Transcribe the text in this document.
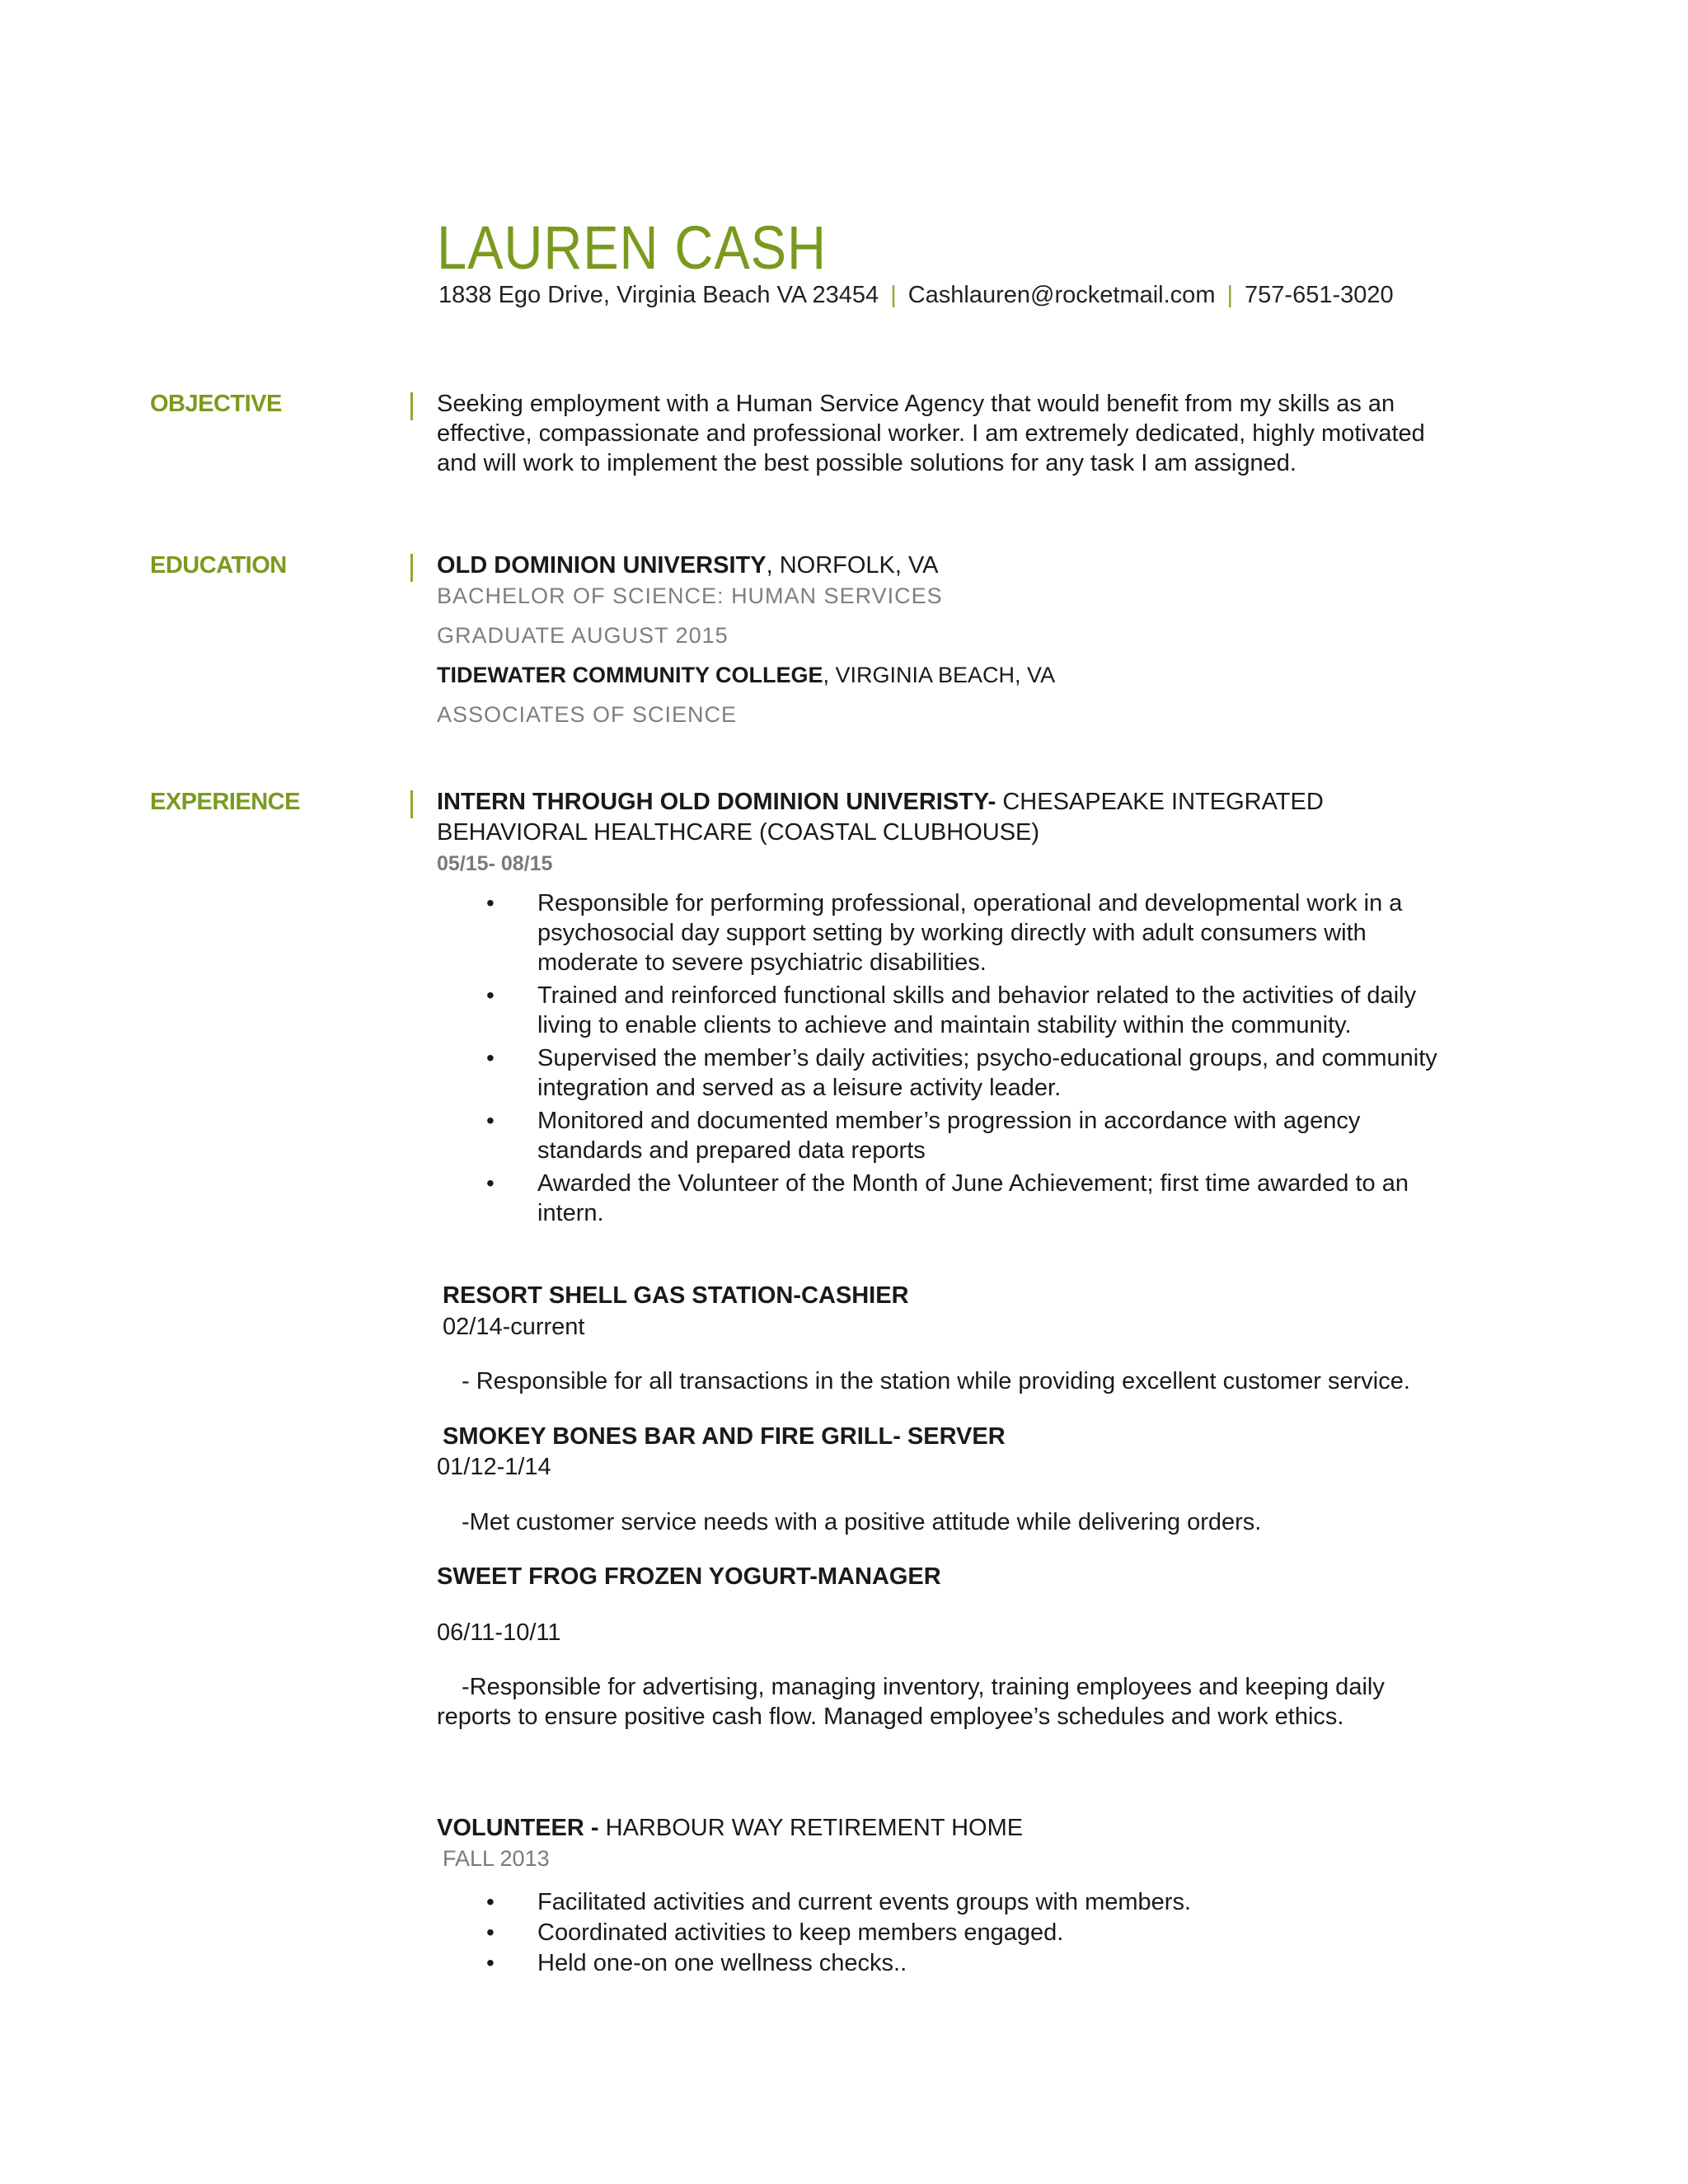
LAUREN CASH
1838 Ego Drive, Virginia Beach VA 23454 | Cashlauren@rocketmail.com | 757-651-3020
OBJECTIVE	Seeking employment with a Human Service Agency that would benefit from my skills as an effective, compassionate and professional worker. I am extremely dedicated, highly motivated and will work to implement the best possible solutions for any task I am assigned.

EDUCATION	OLD DOMINION UNIVERSITY, NORFOLK, VA
BACHELOR OF SCIENCE: HUMAN SERVICES
GRADUATE AUGUST 2015
TIDEWATER COMMUNITY COLLEGE, VIRGINIA BEACH, VA
ASSOCIATES OF SCIENCE
EXPERIENCE	INTERN THROUGH OLD DOMINION UNIVERISTY- CHESAPEAKE INTEGRATED
BEHAVIORAL HEALTHCARE (COASTAL CLUBHOUSE)
05/15- 08/15
• Responsible for performing professional, operational and developmental work in a psychosocial day support setting by working directly with adult consumers with moderate to severe psychiatric disabilities.
• Trained and reinforced functional skills and behavior related to the activities of daily living to enable clients to achieve and maintain stability within the community.
• Supervised the member’s daily activities; psycho-educational groups, and community integration and served as a leisure activity leader.
• Monitored and documented member’s progression in accordance with agency standards and prepared data reports
• Awarded the Volunteer of the Month of June Achievement; first time awarded to an intern.
RESORT SHELL GAS STATION-CASHIER
02/14-current
- Responsible for all transactions in the station while providing excellent customer service.
SMOKEY BONES BAR AND FIRE GRILL- SERVER
01/12-1/14
-Met customer service needs with a positive attitude while delivering orders.
SWEET FROG FROZEN YOGURT-MANAGER
06/11-10/11
-Responsible for advertising, managing inventory, training employees and keeping daily
reports to ensure positive cash flow. Managed employee’s schedules and work ethics.
VOLUNTEER - HARBOUR WAY RETIREMENT HOME
FALL 2013
• Facilitated activities and current events groups with members.
• Coordinated activities to keep members engaged.
• Held one-on one wellness checks..
